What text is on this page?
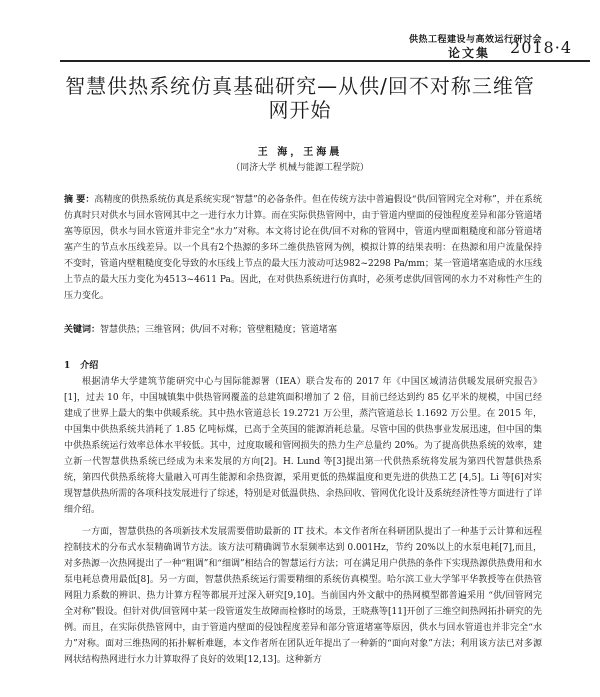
供热工程建设与高效运行研讨会
论文集 2018·4
智慧供热系统仿真基础研究—从供/回不对称三维管网开始
王 海，王海晨
（同济大学 机械与能源工程学院）
摘 要：高精度的供热系统仿真是系统实现“智慧”的必备条件。但在传统方法中普遍假设“供/回管网完全对称”，并在系统仿真时只对供水与回水管网其中之一进行水力计算。而在实际供热管网中，由于管道内壁面的侵蚀程度差异和部分管道堵塞等原因，供水与回水管道并非完全“水力”对称。本文将讨论在供/回不对称的管网中，管道内壁面粗糙度和部分管道堵塞产生的节点水压线差异。以一个具有2个热源的多环二维供热管网为例，模拟计算的结果表明：在热源和用户流量保持不变时，管道内壁粗糙度变化导致的水压线上节点的最大压力波动可达982~2298 Pa/mm；某一管道堵塞造成的水压线上节点的最大压力变化为4513~4611 Pa。因此，在对供热系统进行仿真时，必须考虑供/回管网的水力不对称性产生的压力变化。
关键词：智慧供热；三维管网；供/回不对称；管壁粗糙度；管道堵塞
1 介绍

根据清华大学建筑节能研究中心与国际能源署（IEA）联合发布的 2017 年《中国区域清洁供暖发展研究报告》[1]，过去 10 年，中国城镇集中供热管网覆盖的总建筑面积增加了 2 倍，目前已经达到约 85 亿平米的规模，中国已经建成了世界上最大的集中供暖系统。其中热水管道总长 19.2721 万公里，蒸汽管道总长 1.1692 万公里。在 2015 年，中国集中供热系统共消耗了 1.85 亿吨标煤，已高于全英国的能源消耗总量。尽管中国的供热事业发展迅速，但中国的集中供热系统运行效率总体水平较低。其中，过度取暖和管网损失的热力生产总量约 20%。为了提高供热系统的效率，建立新一代智慧供热系统已经成为未来发展的方向[2]。H. Lund 等[3]提出第一代供热系统将发展为第四代智慧供热系统，第四代供热系统将大量融入可再生能源和余热资源，采用更低的热媒温度和更先进的供热工艺 [4,5]。Li 等[6]对实现智慧供热所需的各项科技发展进行了综述，特别是对低温供热、余热回收、管网优化设计及系统经济性等方面进行了详细介绍。

一方面，智慧供热的各项新技术发展需要借助最新的 IT 技术。本文作者所在科研团队提出了一种基于云计算和远程控制技术的分布式水泵精确调节方法。该方法可精确调节水泵频率达到 0.001Hz，节约 20%以上的水泵电耗[7],而且，对多热源一次热网提出了一种“粗调”和“细调”相结合的智慧运行方法；可在满足用户供热的条件下实现热源供热费用和水泵电耗总费用最低[8]。另一方面，智慧供热系统运行需要精细的系统仿真模型。哈尔滨工业大学邹平华教授等在供热管网阻力系数的辨识、热力计算方程等都展开过深入研究[9,10]。当前国内外文献中的热网模型都普遍采用 “供/回管网完全对称”假设。但针对供/回管网中某一段管道发生故障而检修时的场景，王晓燕等[11]开创了三维空间热网拓扑研究的先例。而且，在实际供热管网中，由于管道内壁面的侵蚀程度差异和部分管道堵塞等原因，供水与回水管道也并非完全“水力”对称。面对三维热网的拓扑解析难题，本文作者所在团队近年提出了一种新的“面向对象”方法；利用该方法已对多源网状结构热网进行水力计算取得了良好的效果[12,13]。这种新方
